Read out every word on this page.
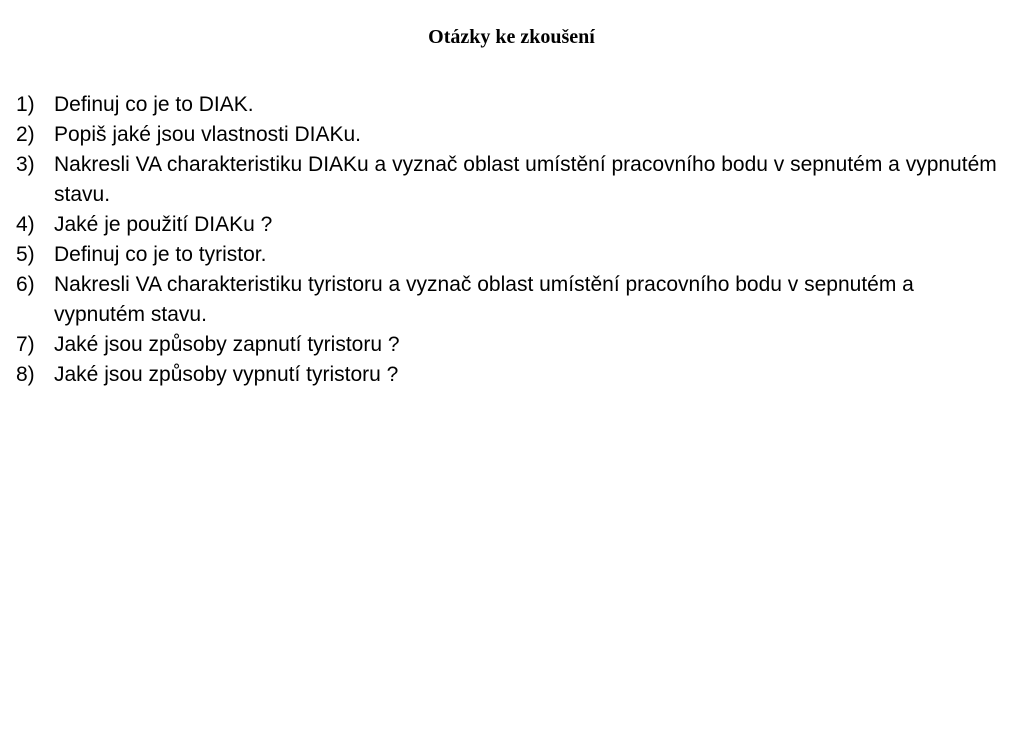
Otázky ke zkoušení
1) Definuj co je to DIAK.
2) Popiš jaké jsou vlastnosti DIAKu.
3) Nakresli VA charakteristiku DIAKu a vyznač oblast umístění pracovního bodu v sepnutém a vypnutém stavu.
4) Jaké je použití DIAKu ?
5) Definuj co je to tyristor.
6) Nakresli VA charakteristiku tyristoru a vyznač oblast umístění pracovního bodu v sepnutém a vypnutém stavu.
7) Jaké jsou způsoby zapnutí tyristoru ?
8) Jaké jsou způsoby vypnutí tyristoru ?
